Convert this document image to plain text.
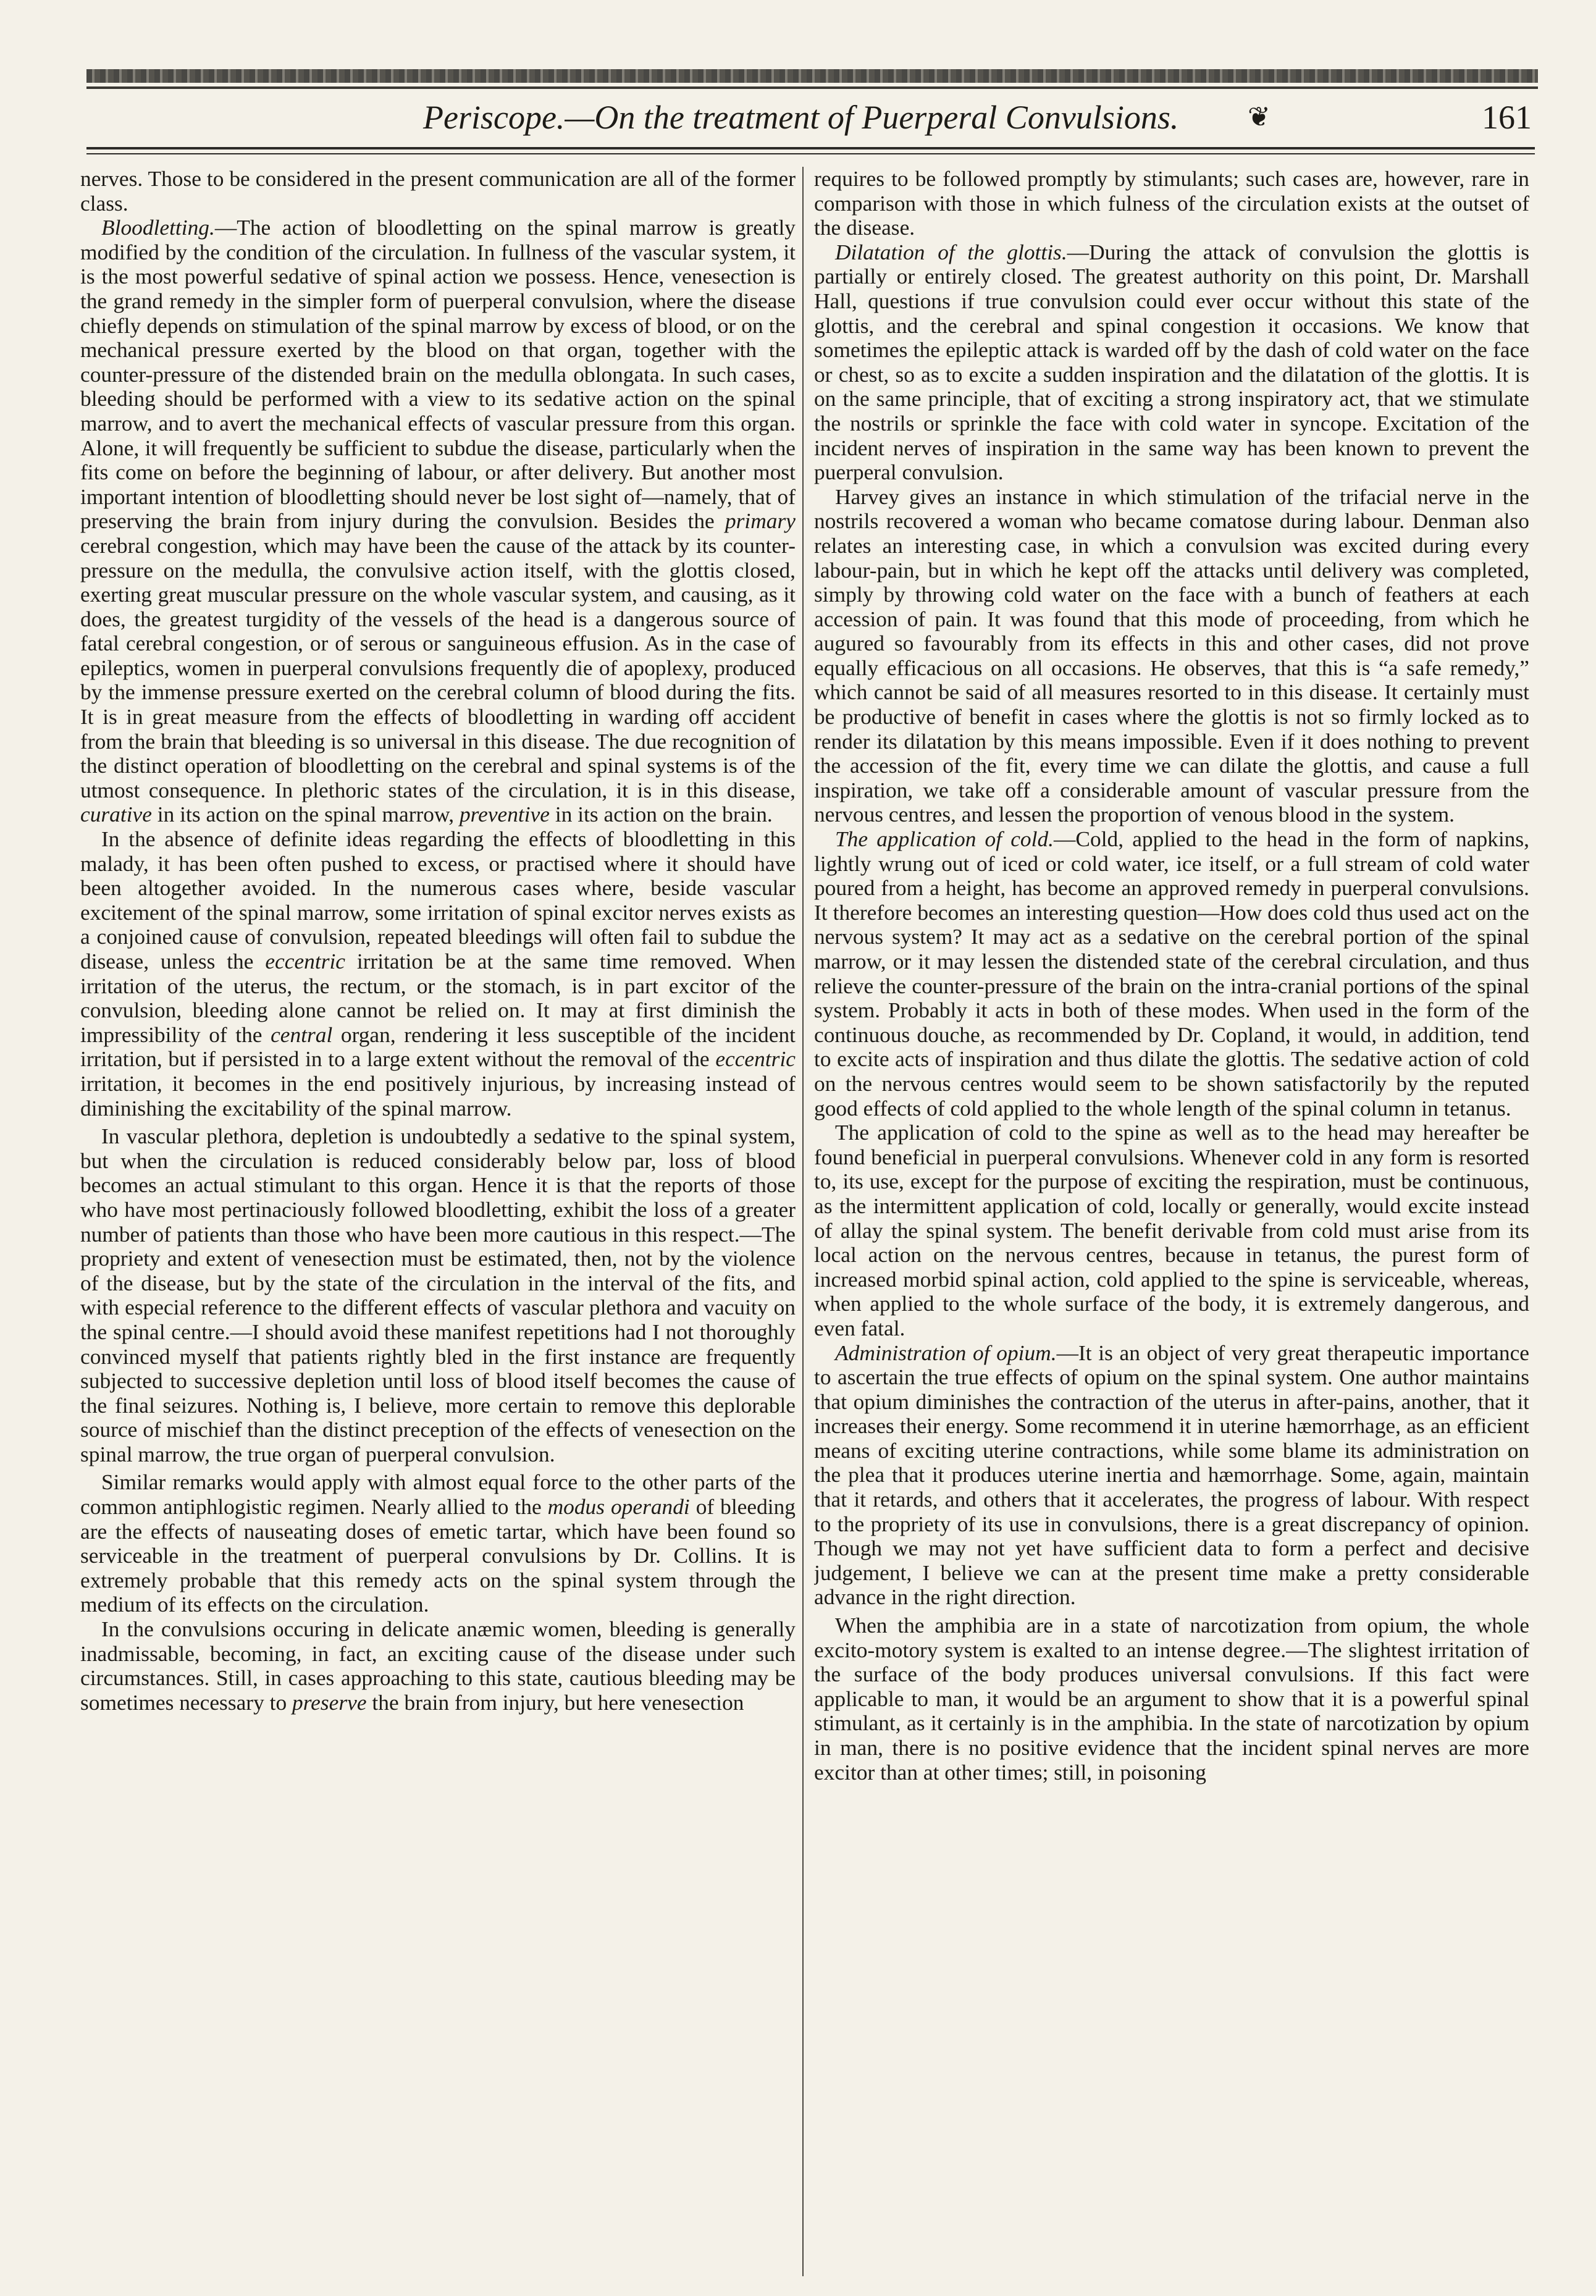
Periscope.—On the treatment of Puerperal Convulsions.	❦	161

nerves. Those to be considered in the present communication are all of the former class.

Bloodletting.—The action of bloodletting on the spinal marrow is greatly modified by the condition of the circulation. In fullness of the vascular system, it is the most powerful sedative of spinal action we possess. Hence, venesection is the grand remedy in the simpler form of puerperal convulsion, where the disease chiefly depends on stimulation of the spinal marrow by excess of blood, or on the mechanical pressure exerted by the blood on that organ, together with the counter-pressure of the distended brain on the medulla oblongata. In such cases, bleeding should be performed with a view to its sedative action on the spinal marrow, and to avert the mechanical effects of vascular pressure from this organ. Alone, it will frequently be sufficient to subdue the disease, particularly when the fits come on before the beginning of labour, or after delivery. But another most important intention of bloodletting should never be lost sight of—namely, that of preserving the brain from injury during the convulsion. Besides the primary cerebral congestion, which may have been the cause of the attack by its counter-pressure on the medulla, the convulsive action itself, with the glottis closed, exerting great muscular pressure on the whole vascular system, and causing, as it does, the greatest turgidity of the vessels of the head is a dangerous source of fatal cerebral congestion, or of serous or sanguineous effusion. As in the case of epileptics, women in puerperal convulsions frequently die of apoplexy, produced by the immense pressure exerted on the cerebral column of blood during the fits. It is in great measure from the effects of bloodletting in warding off accident from the brain that bleeding is so universal in this disease. The due recognition of the distinct operation of bloodletting on the cerebral and spinal systems is of the utmost consequence. In plethoric states of the circulation, it is in this disease, curative in its action on the spinal marrow, preventive in its action on the brain.

In the absence of definite ideas regarding the effects of bloodletting in this malady, it has been often pushed to excess, or practised where it should have been altogether avoided. In the numerous cases where, beside vascular excitement of the spinal marrow, some irritation of spinal excitor nerves exists as a conjoined cause of convulsion, repeated bleedings will often fail to subdue the disease, unless the eccentric irritation be at the same time removed. When irritation of the uterus, the rectum, or the stomach, is in part excitor of the convulsion, bleeding alone cannot be relied on. It may at first diminish the impressibility of the central organ, rendering it less susceptible of the incident irritation, but if persisted in to a large extent without the removal of the eccentric irritation, it becomes in the end positively injurious, by increasing instead of diminishing the excitability of the spinal marrow.

In vascular plethora, depletion is undoubtedly a sedative to the spinal system, but when the circulation is reduced considerably below par, loss of blood becomes an actual stimulant to this organ. Hence it is that the reports of those who have most pertinaciously followed bloodletting, exhibit the loss of a greater number of patients than those who have been more cautious in this respect.—The propriety and extent of venesection must be estimated, then, not by the violence of the disease, but by the state of the circulation in the interval of the fits, and with especial reference to the different effects of vascular plethora and vacuity on the spinal centre.—I should avoid these manifest repetitions had I not thoroughly convinced myself that patients rightly bled in the first instance are frequently subjected to successive depletion until loss of blood itself becomes the cause of the final seizures. Nothing is, I believe, more certain to remove this deplorable source of mischief than the distinct preception of the effects of venesection on the spinal marrow, the true organ of puerperal convulsion.

Similar remarks would apply with almost equal force to the other parts of the common antiphlogistic regimen. Nearly allied to the modus operandi of bleeding are the effects of nauseating doses of emetic tartar, which have been found so serviceable in the treatment of puerperal convulsions by Dr. Collins. It is extremely probable that this remedy acts on the spinal system through the medium of its effects on the circulation.

In the convulsions occuring in delicate anæmic women, bleeding is generally inadmissable, becoming, in fact, an exciting cause of the disease under such circumstances. Still, in cases approaching to this state, cautious bleeding may be sometimes necessary to preserve the brain from injury, but here venesection

requires to be followed promptly by stimulants; such cases are, however, rare in comparison with those in which fulness of the circulation exists at the outset of the disease.

Dilatation of the glottis.—During the attack of convulsion the glottis is partially or entirely closed. The greatest authority on this point, Dr. Marshall Hall, questions if true convulsion could ever occur without this state of the glottis, and the cerebral and spinal congestion it occasions. We know that sometimes the epileptic attack is warded off by the dash of cold water on the face or chest, so as to excite a sudden inspiration and the dilatation of the glottis. It is on the same principle, that of exciting a strong inspiratory act, that we stimulate the nostrils or sprinkle the face with cold water in syncope. Excitation of the incident nerves of inspiration in the same way has been known to prevent the puerperal convulsion.

Harvey gives an instance in which stimulation of the trifacial nerve in the nostrils recovered a woman who became comatose during labour. Denman also relates an interesting case, in which a convulsion was excited during every labour-pain, but in which he kept off the attacks until delivery was completed, simply by throwing cold water on the face with a bunch of feathers at each accession of pain. It was found that this mode of proceeding, from which he augured so favourably from its effects in this and other cases, did not prove equally efficacious on all occasions. He observes, that this is “a safe remedy,” which cannot be said of all measures resorted to in this disease. It certainly must be productive of benefit in cases where the glottis is not so firmly locked as to render its dilatation by this means impossible. Even if it does nothing to prevent the accession of the fit, every time we can dilate the glottis, and cause a full inspiration, we take off a considerable amount of vascular pressure from the nervous centres, and lessen the proportion of venous blood in the system.

The application of cold.—Cold, applied to the head in the form of napkins, lightly wrung out of iced or cold water, ice itself, or a full stream of cold water poured from a height, has become an approved remedy in puerperal convulsions. It therefore becomes an interesting question—How does cold thus used act on the nervous system? It may act as a sedative on the cerebral portion of the spinal marrow, or it may lessen the distended state of the cerebral circulation, and thus relieve the counter-pressure of the brain on the intra-cranial portions of the spinal system. Probably it acts in both of these modes. When used in the form of the continuous douche, as recommended by Dr. Copland, it would, in addition, tend to excite acts of inspiration and thus dilate the glottis. The sedative action of cold on the nervous centres would seem to be shown satisfactorily by the reputed good effects of cold applied to the whole length of the spinal column in tetanus.

The application of cold to the spine as well as to the head may hereafter be found beneficial in puerperal convulsions. Whenever cold in any form is resorted to, its use, except for the purpose of exciting the respiration, must be continuous, as the intermittent application of cold, locally or generally, would excite instead of allay the spinal system. The benefit derivable from cold must arise from its local action on the nervous centres, because in tetanus, the purest form of increased morbid spinal action, cold applied to the spine is serviceable, whereas, when applied to the whole surface of the body, it is extremely dangerous, and even fatal.

Administration of opium.—It is an object of very great therapeutic importance to ascertain the true effects of opium on the spinal system. One author maintains that opium diminishes the contraction of the uterus in after-pains, another, that it increases their energy. Some recommend it in uterine hæmorrhage, as an efficient means of exciting uterine contractions, while some blame its administration on the plea that it produces uterine inertia and hæmorrhage. Some, again, maintain that it retards, and others that it accelerates, the progress of labour. With respect to the propriety of its use in convulsions, there is a great discrepancy of opinion. Though we may not yet have sufficient data to form a perfect and decisive judgement, I believe we can at the present time make a pretty considerable advance in the right direction.

When the amphibia are in a state of narcotization from opium, the whole excito-motory system is exalted to an intense degree.—The slightest irritation of the surface of the body produces universal convulsions. If this fact were applicable to man, it would be an argument to show that it is a powerful spinal stimulant, as it certainly is in the amphibia. In the state of narcotization by opium in man, there is no positive evidence that the incident spinal nerves are more excitor than at other times; still, in poisoning
